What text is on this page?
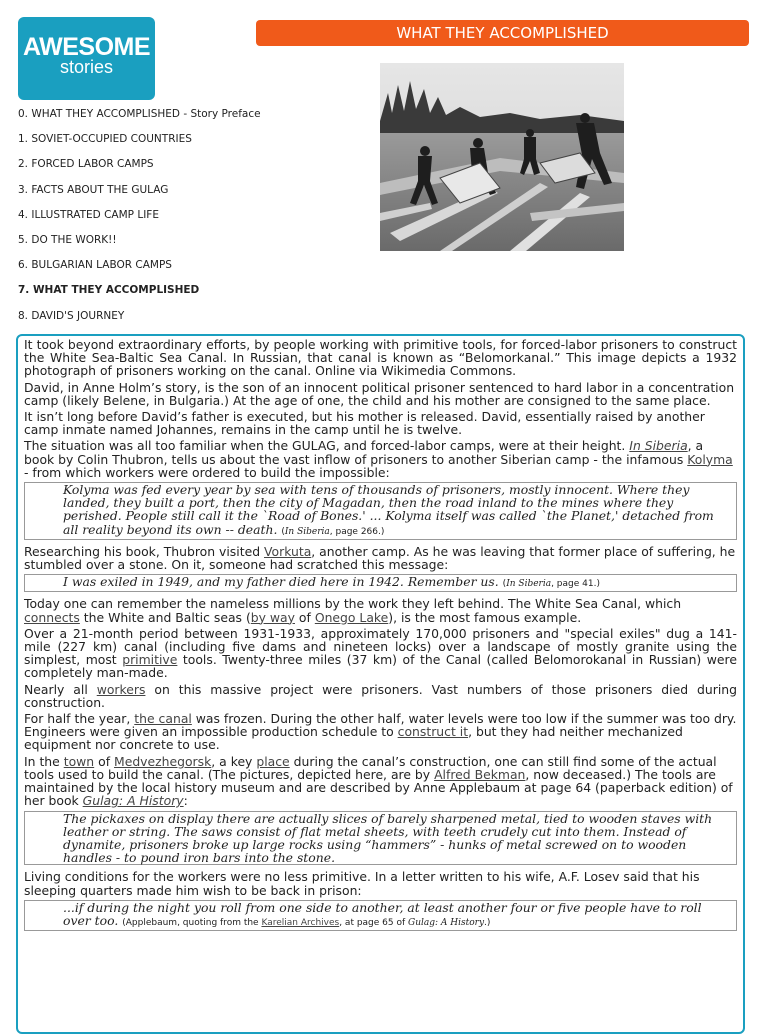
AWESOME
stories
WHAT THEY ACCOMPLISHED
0. WHAT THEY ACCOMPLISHED - Story Preface
1. SOVIET-OCCUPIED COUNTRIES
2. FORCED LABOR CAMPS
3. FACTS ABOUT THE GULAG
4. ILLUSTRATED CAMP LIFE
5. DO THE WORK!!
6. BULGARIAN LABOR CAMPS
7. WHAT THEY ACCOMPLISHED
8. DAVID'S JOURNEY

It took beyond extraordinary efforts, by people working with primitive tools, for forced-labor prisoners to construct the White Sea-Baltic Sea Canal. In Russian, that canal is known as “Belomorkanal.” This image depicts a 1932 photograph of prisoners working on the canal. Online via Wikimedia Commons.

David, in Anne Holm’s story, is the son of an innocent political prisoner sentenced to hard labor in a concentration camp (likely Belene, in Bulgaria.) At the age of one, the child and his mother are consigned to the same place.

It isn’t long before David’s father is executed, but his mother is released. David, essentially raised by another camp inmate named Johannes, remains in the camp until he is twelve.

The situation was all too familiar when the GULAG, and forced-labor camps, were at their height. In Siberia, a book by Colin Thubron, tells us about the vast inflow of prisoners to another Siberian camp - the infamous Kolyma - from which workers were ordered to build the impossible:

Kolyma was fed every year by sea with tens of thousands of prisoners, mostly innocent. Where they landed, they built a port, then the city of Magadan, then the road inland to the mines where they perished. People still call it the `Road of Bones.' ... Kolyma itself was called `the Planet,' detached from all reality beyond its own -- death. (In Siberia, page 266.)

Researching his book, Thubron visited Vorkuta, another camp. As he was leaving that former place of suffering, he stumbled over a stone. On it, someone had scratched this message:

I was exiled in 1949, and my father died here in 1942. Remember us. (In Siberia, page 41.)

Today one can remember the nameless millions by the work they left behind. The White Sea Canal, which connects the White and Baltic seas (by way of Onego Lake), is the most famous example.

Over a 21-month period between 1931-1933, approximately 170,000 prisoners and "special exiles" dug a 141-mile (227 km) canal (including five dams and nineteen locks) over a landscape of mostly granite using the simplest, most primitive tools. Twenty-three miles (37 km) of the Canal (called Belomorokanal in Russian) were completely man-made.

Nearly all workers on this massive project were prisoners. Vast numbers of those prisoners died during construction.

For half the year, the canal was frozen. During the other half, water levels were too low if the summer was too dry. Engineers were given an impossible production schedule to construct it, but they had neither mechanized equipment nor concrete to use.

In the town of Medvezhegorsk, a key place during the canal’s construction, one can still find some of the actual tools used to build the canal. (The pictures, depicted here, are by Alfred Bekman, now deceased.) The tools are maintained by the local history museum and are described by Anne Applebaum at page 64 (paperback edition) of her book Gulag: A History:

The pickaxes on display there are actually slices of barely sharpened metal, tied to wooden staves with leather or string. The saws consist of flat metal sheets, with teeth crudely cut into them. Instead of dynamite, prisoners broke up large rocks using “hammers” - hunks of metal screwed on to wooden handles - to pound iron bars into the stone.

Living conditions for the workers were no less primitive. In a letter written to his wife, A.F. Losev said that his sleeping quarters made him wish to be back in prison:

...if during the night you roll from one side to another, at least another four or five people have to roll over too. (Applebaum, quoting from the Karelian Archives, at page 65 of Gulag: A History.)
